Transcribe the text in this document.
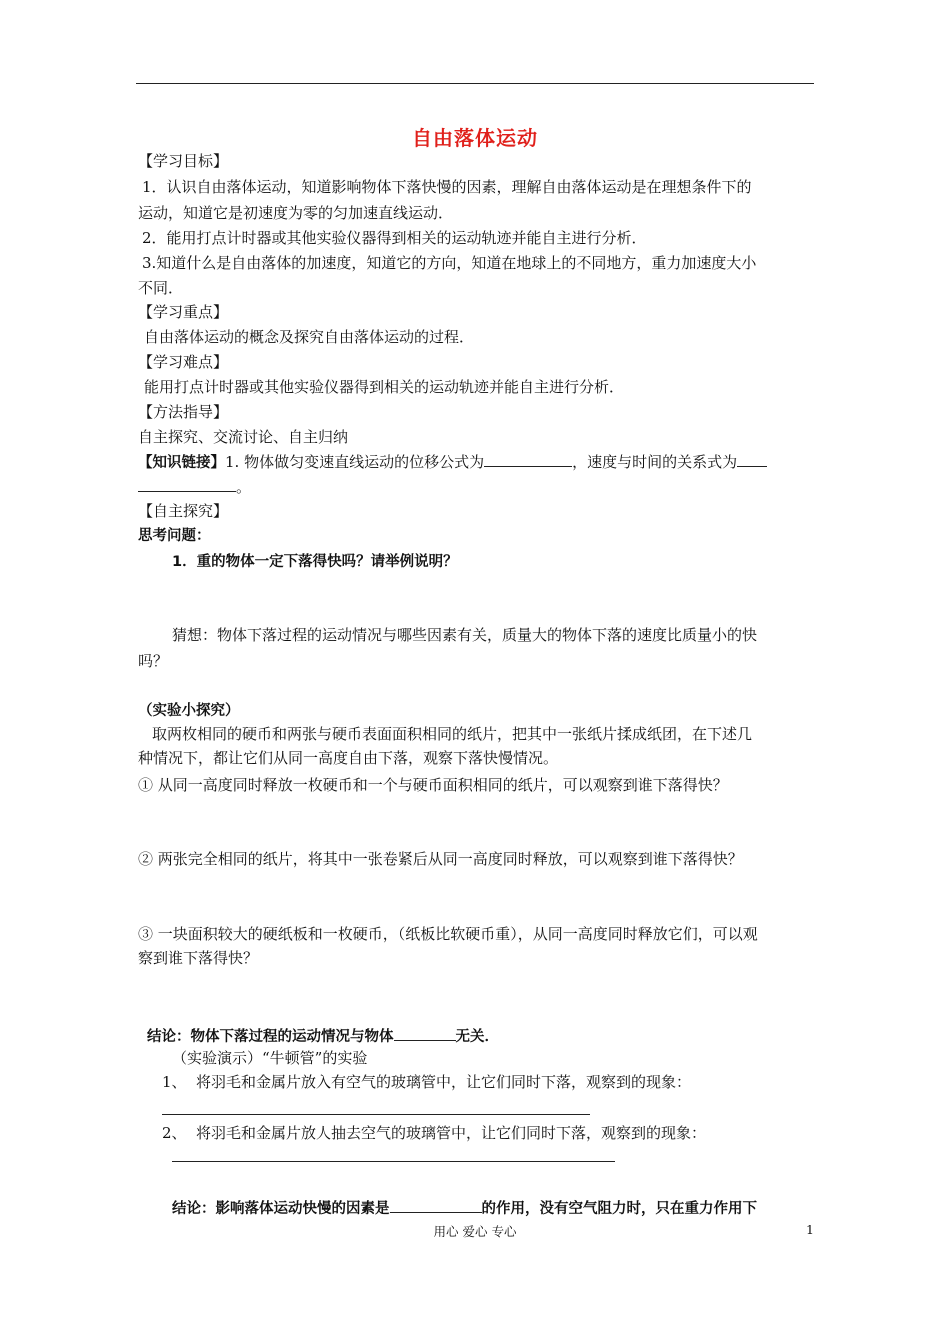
自由落体运动
【学习目标】
1．认识自由落体运动，知道影响物体下落快慢的因素，理解自由落体运动是在理想条件下的
运动，知道它是初速度为零的匀加速直线运动．
2．能用打点计时器或其他实验仪器得到相关的运动轨迹并能自主进行分析．
3.知道什么是自由落体的加速度，知道它的方向，知道在地球上的不同地方，重力加速度大小
不同．
【学习重点】
自由落体运动的概念及探究自由落体运动的过程．
【学习难点】
能用打点计时器或其他实验仪器得到相关的运动轨迹并能自主进行分析．
【方法指导】
自主探究、交流讨论、自主归纳
【知识链接】1. 物体做匀变速直线运动的位移公式为	，速度与时间的关系式为
。
【自主探究】
思考问题：
1．重的物体一定下落得快吗？请举例说明？
猜想：物体下落过程的运动情况与哪些因素有关，质量大的物体下落的速度比质量小的快
吗？
（实验小探究）
取两枚相同的硬币和两张与硬币表面面积相同的纸片，把其中一张纸片揉成纸团，在下述几
种情况下，都让它们从同一高度自由下落，观察下落快慢情况。
① 从同一高度同时释放一枚硬币和一个与硬币面积相同的纸片，可以观察到谁下落得快？
② 两张完全相同的纸片，将其中一张卷紧后从同一高度同时释放，可以观察到谁下落得快？
③ 一块面积较大的硬纸板和一枚硬币，（纸板比软硬币重），从同一高度同时释放它们，可以观
察到谁下落得快？
结论：物体下落过程的运动情况与物体	无关．
（实验演示）“牛顿管”的实验
1、 将羽毛和金属片放入有空气的玻璃管中，让它们同时下落，观察到的现象：
2、 将羽毛和金属片放人抽去空气的玻璃管中，让它们同时下落，观察到的现象：
结论：影响落体运动快慢的因素是	的作用，没有空气阻力时，只在重力作用下
用心 爱心 专心	1
